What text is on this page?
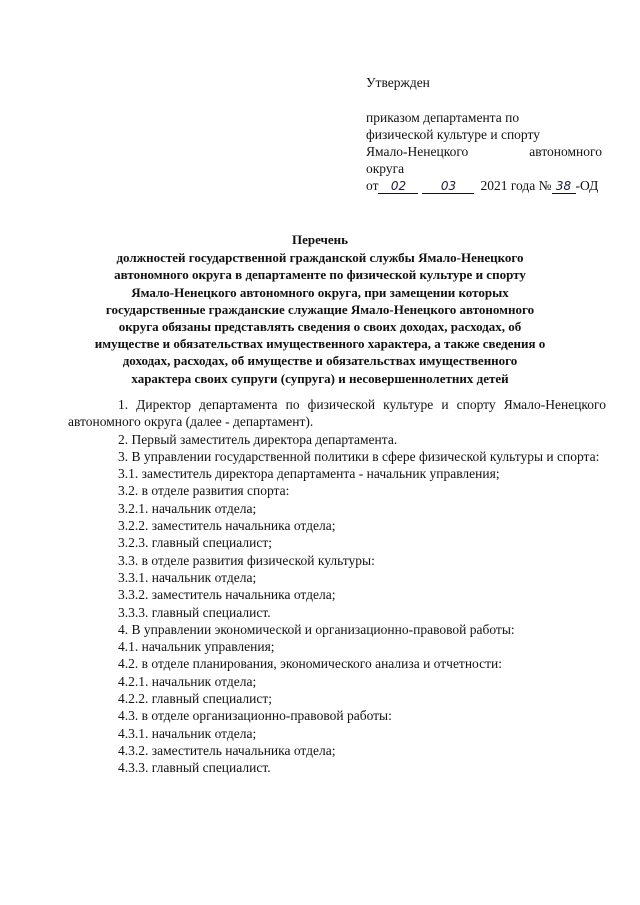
Утвержден
приказом департамента по
физической культуре и спорту
Ямало-Ненецкого	автономного
округа
от	02	03	2021 года № 38 -ОД
Перечень
должностей государственной гражданской службы Ямало-Ненецкого
автономного округа в департаменте по физической культуре и спорту
Ямало-Ненецкого автономного округа, при замещении которых
государственные гражданские служащие Ямало-Ненецкого автономного
округа обязаны представлять сведения о своих доходах, расходах, об
имуществе и обязательствах имущественного характера, а также сведения о
доходах, расходах, об имуществе и обязательствах имущественного
характера своих супруги (супруга) и несовершеннолетних детей
1. Директор департамента по физической культуре и спорту Ямало-Ненецкого автономного округа (далее - департамент).
2. Первый заместитель директора департамента.
3. В управлении государственной политики в сфере физической культуры и спорта:
3.1. заместитель директора департамента - начальник управления;
3.2. в отделе развития спорта:
3.2.1. начальник отдела;
3.2.2. заместитель начальника отдела;
3.2.3. главный специалист;
3.3. в отделе развития физической культуры:
3.3.1. начальник отдела;
3.3.2. заместитель начальника отдела;
3.3.3. главный специалист.
4. В управлении экономической и организационно-правовой работы:
4.1. начальник управления;
4.2. в отделе планирования, экономического анализа и отчетности:
4.2.1. начальник отдела;
4.2.2. главный специалист;
4.3. в отделе организационно-правовой работы:
4.3.1. начальник отдела;
4.3.2. заместитель начальника отдела;
4.3.3. главный специалист.
